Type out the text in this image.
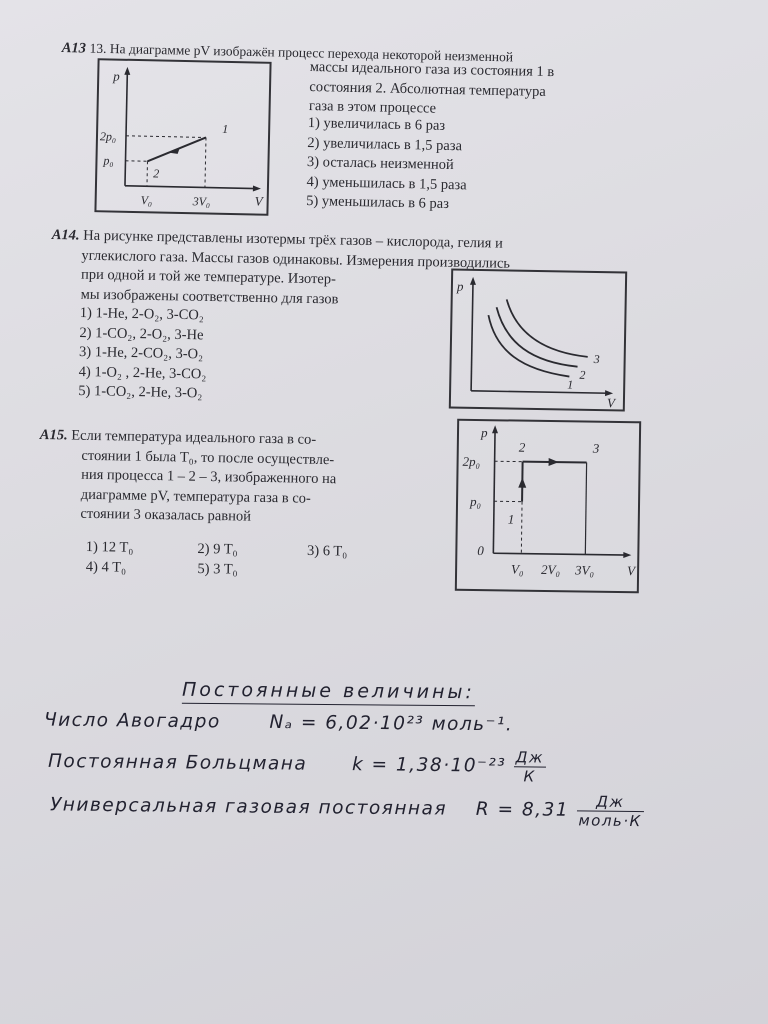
А13 13. На диаграмме pV изображён процесс перехода некоторой неизменной
массы идеального газа из состояния 1 в
состояния 2. Абсолютная температура
газа в этом процессе
1) увеличилась в 6 раз
2) увеличилась в 1,5 раза
3) осталась неизменной
4) уменьшилась в 1,5 раза
5) уменьшилась в 6 раз
p
V
2p₀
p₀
V₀	3V₀
1
2
А14. На рисунке представлены изотермы трёх газов – кислорода, гелия и
углекислого газа. Массы газов одинаковы. Измерения производились
при одной и той же температуре. Изотер-
мы изображены соответственно для газов
1) 1-He, 2-O₂, 3-CO₂
2) 1-CO₂, 2-O₂, 3-He
3) 1-He, 2-CO₂, 3-O₂
4) 1-O₂ , 2-He, 3-CO₂
5) 1-CO₂, 2-He, 3-O₂
p
V
1
2
3
А15. Если температура идеального газа в со-
стоянии 1 была T₀, то после осуществле-
ния процесса 1 – 2 – 3, изображенного на
диаграмме pV, температура газа в со-
стоянии 3 оказалась равной
1) 12 T₀	2) 9 T₀	3) 6 T₀
4) 4 T₀	5) 3 T₀
p
V
0
2p₀
p₀
V₀ 2V₀ 3V₀
1
2	3
Постоянные величины:
Число Авогадро	Nₐ = 6,02·10²³ моль⁻¹.
Постоянная Больцмана $k = 1,38\cdot 10^{-23} \frac{Дж}{К}$
Универсальная газовая постоянная $R = 8,31 \frac{Дж}{\text{моль·К}}$
